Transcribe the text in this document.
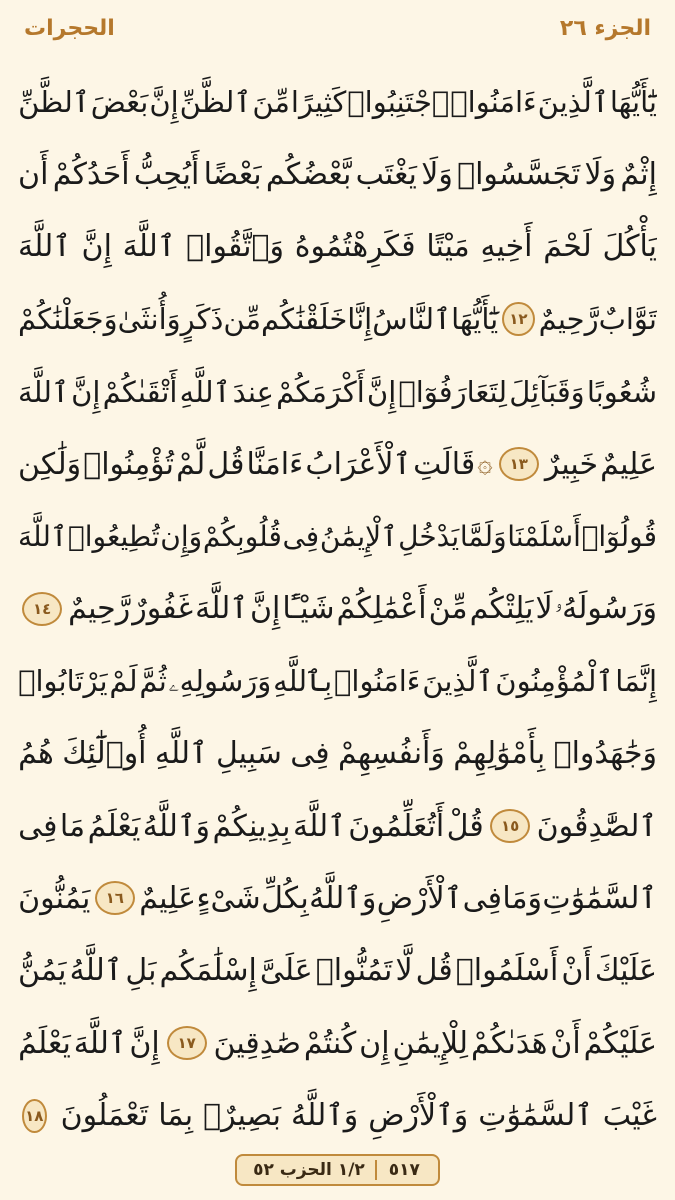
الجزء ٢٦
الحجرات
يَٰٓأَيُّهَا
ٱلَّذِينَ
ءَامَنُوا۟
ٱجْتَنِبُوا۟
كَثِيرًا
مِّنَ
ٱلظَّنِّ
إِنَّ
بَعْضَ
ٱلظَّنِّ
إِثْمٌ
وَلَا
تَجَسَّسُوا۟
وَلَا
يَغْتَب
بَّعْضُكُم
بَعْضًا
أَيُحِبُّ
أَحَدُكُمْ
أَن
يَأْكُلَ
لَحْمَ
أَخِيهِ
مَيْتًا
فَكَرِهْتُمُوهُ
وَٱتَّقُوا۟
ٱللَّهَ
إِنَّ
ٱللَّهَ
تَوَّابٌ
رَّحِيمٌ
١٢
يَٰٓأَيُّهَا
ٱلنَّاسُ
إِنَّا
خَلَقْنَٰكُم
مِّن
ذَكَرٍ
وَأُنثَىٰ
وَجَعَلْنَٰكُمْ
شُعُوبًا
وَقَبَآئِلَ
لِتَعَارَفُوٓا۟
إِنَّ
أَكْرَمَكُمْ
عِندَ
ٱللَّهِ
أَتْقَىٰكُمْ
إِنَّ
ٱللَّهَ
عَلِيمٌ
خَبِيرٌ
١٣
۞
قَالَتِ
ٱلْأَعْرَابُ
ءَامَنَّا
قُل
لَّمْ
تُؤْمِنُوا۟
وَلَٰكِن
قُولُوٓا۟
أَسْلَمْنَا
وَلَمَّا
يَدْخُلِ
ٱلْإِيمَٰنُ
فِى
قُلُوبِكُمْ
وَإِن
تُطِيعُوا۟
ٱللَّهَ
وَرَسُولَهُۥ
لَا
يَلِتْكُم
مِّنْ
أَعْمَٰلِكُمْ
شَيْـًٔا
إِنَّ
ٱللَّهَ
غَفُورٌ
رَّحِيمٌ
١٤
إِنَّمَا
ٱلْمُؤْمِنُونَ
ٱلَّذِينَ
ءَامَنُوا۟
بِٱللَّهِ
وَرَسُولِهِۦ
ثُمَّ
لَمْ
يَرْتَابُوا۟
وَجَٰهَدُوا۟
بِأَمْوَٰلِهِمْ
وَأَنفُسِهِمْ
فِى
سَبِيلِ
ٱللَّهِ
أُو۟لَٰٓئِكَ
هُمُ
ٱلصَّٰدِقُونَ
١٥
قُلْ
أَتُعَلِّمُونَ
ٱللَّهَ
بِدِينِكُمْ
وَٱللَّهُ
يَعْلَمُ
مَا
فِى
ٱلسَّمَٰوَٰتِ
وَمَا
فِى
ٱلْأَرْضِ
وَٱللَّهُ
بِكُلِّ
شَىْءٍ
عَلِيمٌ
١٦
يَمُنُّونَ
عَلَيْكَ
أَنْ
أَسْلَمُوا۟
قُل
لَّا
تَمُنُّوا۟
عَلَىَّ
إِسْلَٰمَكُم
بَلِ
ٱللَّهُ
يَمُنُّ
عَلَيْكُمْ
أَنْ
هَدَىٰكُمْ
لِلْإِيمَٰنِ
إِن
كُنتُمْ
صَٰدِقِينَ
١٧
إِنَّ
ٱللَّهَ
يَعْلَمُ
غَيْبَ
ٱلسَّمَٰوَٰتِ
وَٱلْأَرْضِ
وَٱللَّهُ
بَصِيرٌۢ
بِمَا
تَعْمَلُونَ
١٨
٥١٧
١/٢ الحزب ٥٢
